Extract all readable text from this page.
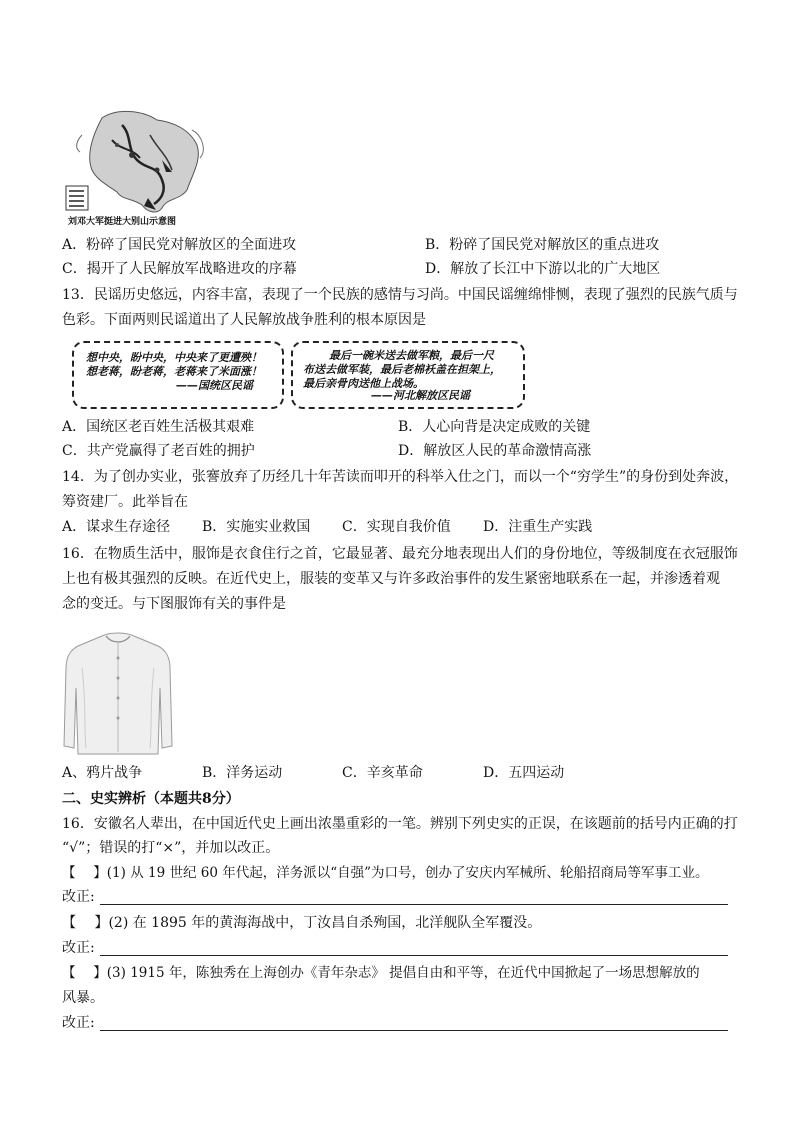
刘邓大军挺进大别山示意图
A．粉碎了国民党对解放区的全面进攻	B．粉碎了国民党对解放区的重点进攻
C．揭开了人民解放军战略进攻的序幕	D．解放了长江中下游以北的广大地区
13．民谣历史悠远，内容丰富，表现了一个民族的感情与习尚。中国民谣缠绵悱恻，表现了强烈的民族气质与
色彩。下面两则民谣道出了人民解放战争胜利的根本原因是
想中央，盼中央，中央来了更遭殃！
想老蒋，盼老蒋，老蒋来了米面涨！
——国统区民谣
最后一碗米送去做军粮，最后一尺
布送去做军装，最后老棉袄盖在担架上，
最后亲骨肉送他上战场。
——河北解放区民谣
A．国统区老百姓生活极其艰难	B．人心向背是决定成败的关键
C．共产党赢得了老百姓的拥护	D．解放区人民的革命激情高涨
14．为了创办实业，张謇放弃了历经几十年苦读而叩开的科举入仕之门，而以一个“穷学生”的身份到处奔波，
筹资建厂。此举旨在
A．谋求生存途径 B．实施实业救国 C．实现自我价值 D．注重生产实践
16．在物质生活中，服饰是衣食住行之首，它最显著、最充分地表现出人们的身份地位，等级制度在衣冠服饰
上也有极其强烈的反映。在近代史上，服装的变革又与许多政治事件的发生紧密地联系在一起，并渗透着观
念的变迁。与下图服饰有关的事件是
A、鸦片战争	B．洋务运动	C．辛亥革命	D．五四运动
二、史实辨析（本题共8分）
16．安徽名人辈出，在中国近代史上画出浓墨重彩的一笔。辨别下列史实的正误，在该题前的括号内正确的打
“√”；错误的打“×”，并加以改正。
【　 】(1) 从 19 世纪 60 年代起，洋务派以“自强”为口号，创办了安庆内军械所、轮船招商局等军事工业。
改正:
【　 】(2) 在 1895 年的黄海海战中，丁汝昌自杀殉国，北洋舰队全军覆没。
改正:
【　 】(3) 1915 年，陈独秀在上海创办《青年杂志》 提倡自由和平等，在近代中国掀起了一场思想解放的
风暴。
改正:
